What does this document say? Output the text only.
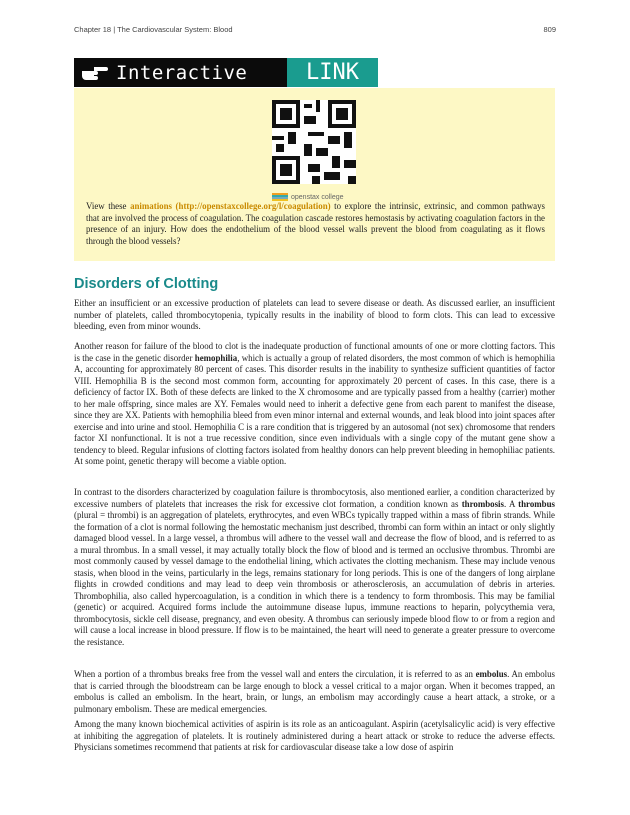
Chapter 18 | The Cardiovascular System: Blood	809
Interactive	LINK
openstax college

View these animations (http://openstaxcollege.org/l/coagulation) to explore the intrinsic, extrinsic, and common pathways that are involved the process of coagulation. The coagulation cascade restores hemostasis by activating coagulation factors in the presence of an injury. How does the endothelium of the blood vessel walls prevent the blood from coagulating as it flows through the blood vessels?

Disorders of Clotting

Either an insufficient or an excessive production of platelets can lead to severe disease or death. As discussed earlier, an insufficient number of platelets, called thrombocytopenia, typically results in the inability of blood to form clots. This can lead to excessive bleeding, even from minor wounds.

Another reason for failure of the blood to clot is the inadequate production of functional amounts of one or more clotting factors. This is the case in the genetic disorder hemophilia, which is actually a group of related disorders, the most common of which is hemophilia A, accounting for approximately 80 percent of cases. This disorder results in the inability to synthesize sufficient quantities of factor VIII. Hemophilia B is the second most common form, accounting for approximately 20 percent of cases. In this case, there is a deficiency of factor IX. Both of these defects are linked to the X chromosome and are typically passed from a healthy (carrier) mother to her male offspring, since males are XY. Females would need to inherit a defective gene from each parent to manifest the disease, since they are XX. Patients with hemophilia bleed from even minor internal and external wounds, and leak blood into joint spaces after exercise and into urine and stool. Hemophilia C is a rare condition that is triggered by an autosomal (not sex) chromosome that renders factor XI nonfunctional. It is not a true recessive condition, since even individuals with a single copy of the mutant gene show a tendency to bleed. Regular infusions of clotting factors isolated from healthy donors can help prevent bleeding in hemophiliac patients. At some point, genetic therapy will become a viable option.

In contrast to the disorders characterized by coagulation failure is thrombocytosis, also mentioned earlier, a condition characterized by excessive numbers of platelets that increases the risk for excessive clot formation, a condition known as thrombosis. A thrombus (plural = thrombi) is an aggregation of platelets, erythrocytes, and even WBCs typically trapped within a mass of fibrin strands. While the formation of a clot is normal following the hemostatic mechanism just described, thrombi can form within an intact or only slightly damaged blood vessel. In a large vessel, a thrombus will adhere to the vessel wall and decrease the flow of blood, and is referred to as a mural thrombus. In a small vessel, it may actually totally block the flow of blood and is termed an occlusive thrombus. Thrombi are most commonly caused by vessel damage to the endothelial lining, which activates the clotting mechanism. These may include venous stasis, when blood in the veins, particularly in the legs, remains stationary for long periods. This is one of the dangers of long airplane flights in crowded conditions and may lead to deep vein thrombosis or atherosclerosis, an accumulation of debris in arteries. Thrombophilia, also called hypercoagulation, is a condition in which there is a tendency to form thrombosis. This may be familial (genetic) or acquired. Acquired forms include the autoimmune disease lupus, immune reactions to heparin, polycythemia vera, thrombocytosis, sickle cell disease, pregnancy, and even obesity. A thrombus can seriously impede blood flow to or from a region and will cause a local increase in blood pressure. If flow is to be maintained, the heart will need to generate a greater pressure to overcome the resistance.

When a portion of a thrombus breaks free from the vessel wall and enters the circulation, it is referred to as an embolus. An embolus that is carried through the bloodstream can be large enough to block a vessel critical to a major organ. When it becomes trapped, an embolus is called an embolism. In the heart, brain, or lungs, an embolism may accordingly cause a heart attack, a stroke, or a pulmonary embolism. These are medical emergencies.

Among the many known biochemical activities of aspirin is its role as an anticoagulant. Aspirin (acetylsalicylic acid) is very effective at inhibiting the aggregation of platelets. It is routinely administered during a heart attack or stroke to reduce the adverse effects. Physicians sometimes recommend that patients at risk for cardiovascular disease take a low dose of aspirin
